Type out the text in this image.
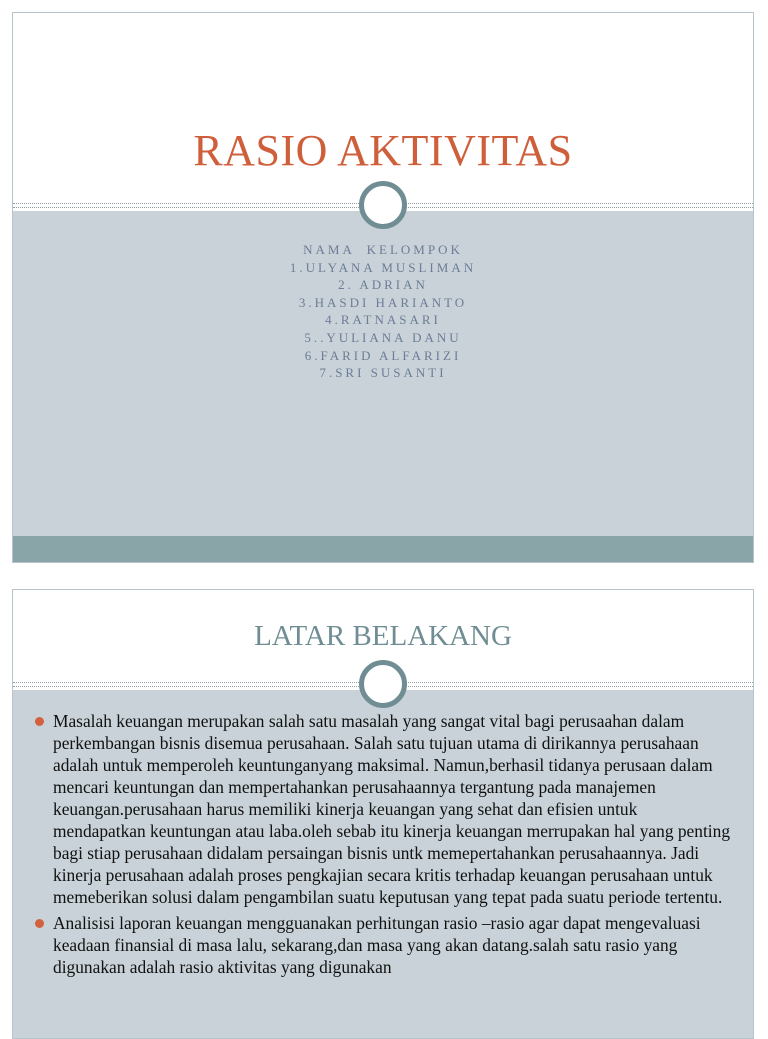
RASIO AKTIVITAS
NAMA  KELOMPOK
1.ULYANA MUSLIMAN
2. ADRIAN
3.HASDI HARIANTO
4.RATNASARI
5..YULIANA DANU
6.FARID ALFARIZI
7.SRI SUSANTI
LATAR BELAKANG
Masalah keuangan merupakan salah satu masalah yang sangat vital bagi perusaahan dalam perkembangan bisnis disemua perusahaan. Salah satu tujuan utama di dirikannya perusahaan adalah untuk memperoleh keuntunganyang maksimal. Namun,berhasil tidanya perusaan dalam mencari keuntungan dan mempertahankan perusahaannya tergantung pada manajemen keuangan.perusahaan harus memiliki kinerja keuangan yang sehat dan efisien untuk mendapatkan keuntungan atau laba.oleh sebab itu kinerja keuangan merrupakan hal yang penting bagi stiap perusahaan didalam persaingan bisnis untk memepertahankan perusahaannya. Jadi kinerja perusahaan adalah proses pengkajian secara kritis terhadap keuangan perusahaan untuk memeberikan solusi dalam pengambilan suatu keputusan yang tepat pada suatu periode tertentu.
Analisisi laporan keuangan mengguanakan perhitungan rasio –rasio agar dapat mengevaluasi keadaan finansial di masa lalu, sekarang,dan masa yang akan datang.salah satu rasio yang digunakan adalah rasio aktivitas yang digunakan
